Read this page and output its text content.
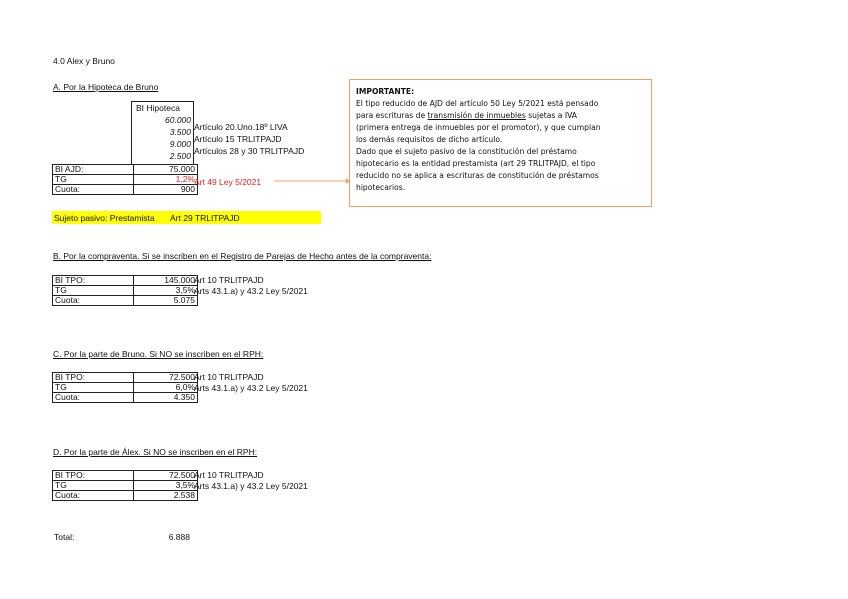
4.0 Alex y Bruno
A. Por la Hipoteca de Bruno
BI Hipoteca
60.000
3.500
9.000
2.500
Artículo 20.Uno.18º LIVA
Artículo 15 TRLITPAJD
Artículos 28 y 30 TRLITPAJD
BI AJD:	75.000
TG	1,2%
Cuota:	900
Art 49 Ley 5/2021
Sujeto pasivo: Prestamista Art 29 TRLITPAJD
IMPORTANTE:
El tipo reducido de AJD del artículo 50 Ley 5/2021 está pensado
para escrituras de transmisión de inmuebles sujetas a IVA
(primera entrega de inmuebles por el promotor), y que cumplan
los demás requisitos de dicho artículo.
Dado que el sujeto pasivo de la constitución del préstamo
hipotecario es la entidad prestamista (art 29 TRLITPAJD, el tipo
reducido no se aplica a escrituras de constitución de préstamos
hipotecarios.
B. Por la compraventa. Si se inscriben en el Registro de Parejas de Hecho antes de la compraventa:
BI TPO:	145.000
TG	3,5%
Cuota:	5.075
Art 10 TRLITPAJD
Arts 43.1.a) y 43.2 Ley 5/2021
C. Por la parte de Bruno. Si NO se inscriben en el RPH:
BI TPO:	72.500
TG	6,0%
Cuota:	4.350
Art 10 TRLITPAJD
Arts 43.1.a) y 43.2 Ley 5/2021
D. Por la parte de Álex. Si NO se inscriben en el RPH:
BI TPO:	72.500
TG	3,5%
Cuota:	2.538
Art 10 TRLITPAJD
Arts 43.1.a) y 43.2 Ley 5/2021
Total:	6.888
